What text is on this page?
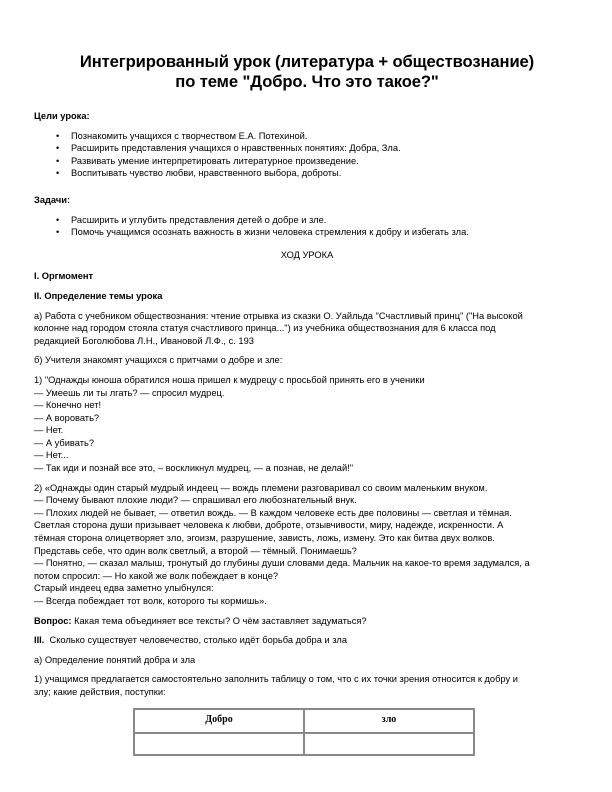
Интегрированный урок (литература + обществознание)
по теме "Добро. Что это такое?"

Цели урока:

• Познакомить учащихся с творчеством Е.А. Потехиной.
• Расширить представления учащихся о нравственных понятиях: Добра, Зла.
• Развивать умение интерпретировать литературное произведение.
• Воспитывать чувство любви, нравственного выбора, доброты.

Задачи:

• Расширить и углубить представления детей о добре и зле.
• Помочь учащимся осознать важность в жизни человека стремления к добру и избегать зла.

ХОД УРОКА

I. Оргмомент

II. Определение темы урока

а) Работа с учебником обществознания: чтение отрывка из сказки О. Уайльда "Счастливый принц" ("На высокой
колонне над городом стояла статуя счастливого принца...") из учебника обществознания для 6 класса под
редакцией Боголюбова Л.Н., Ивановой Л.Ф., с. 193

б) Учителя знакомят учащихся с притчами о добре и зле:

1) "Однажды юноша обратился ноша пришел к мудрецу с просьбой принять его в ученики
— Умеешь ли ты лгать? — спросил мудрец.
— Конечно нет!
— А воровать?
— Нет.
— А убивать?
— Нет...
— Так иди и познай все это, – воскликнул мудрец, — а познав, не делай!"
2) «Однажды один старый мудрый индеец — вождь племени разговаривал со своим маленьким внуком.
— Почему бывают плохие люди? — спрашивал его любознательный внук.
— Плохих людей не бывает, — ответил вождь. — В каждом человеке есть две половины — светлая и тёмная.
Светлая сторона души призывает человека к любви, доброте, отзывчивости, миру, надежде, искренности. А
тёмная сторона олицетворяет зло, эгоизм, разрушение, зависть, ложь, измену. Это как битва двух волков.
Представь себе, что один волк светлый, а второй — тёмный. Понимаешь?
— Понятно, — сказал малыш, тронутый до глубины души словами деда. Мальчик на какое-то время задумался, а
потом спросил: — Но какой же волк побеждает в конце?
Старый индеец едва заметно улыбнулся:
— Всегда побеждает тот волк, которого ты кормишь».

Вопрос: Какая тема объединяет все тексты? О чём заставляет задуматься?

III.  Сколько существует человечество, столько идёт борьба добра и зла

а) Определение понятий добра и зла

1) учащимся предлагается самостоятельно заполнить таблицу о том, что с их точки зрения относится к добру и
злу; какие действия, поступки:
Добро	зло
